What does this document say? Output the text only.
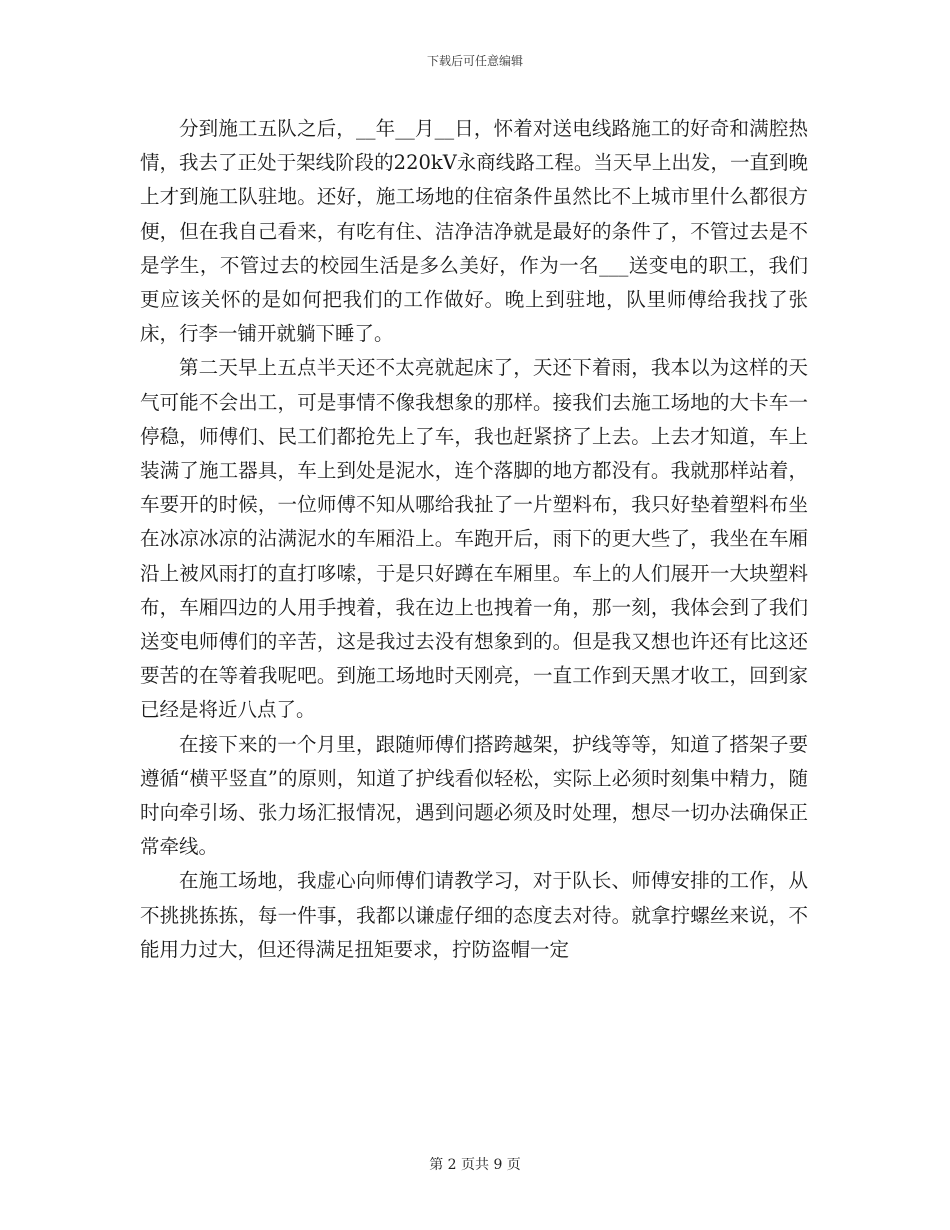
下载后可任意编辑

分到施工五队之后，__年__月__日，怀着对送电线路施工的好奇和满腔热情，我去了正处于架线阶段的220kV永商线路工程。当天早上出发，一直到晚上才到施工队驻地。还好，施工场地的住宿条件虽然比不上城市里什么都很方便，但在我自己看来，有吃有住、洁净洁净就是最好的条件了，不管过去是不是学生，不管过去的校园生活是多么美好，作为一名___送变电的职工，我们更应该关怀的是如何把我们的工作做好。晚上到驻地，队里师傅给我找了张床，行李一铺开就躺下睡了。

第二天早上五点半天还不太亮就起床了，天还下着雨，我本以为这样的天气可能不会出工，可是事情不像我想象的那样。接我们去施工场地的大卡车一停稳，师傅们、民工们都抢先上了车，我也赶紧挤了上去。上去才知道，车上装满了施工器具，车上到处是泥水，连个落脚的地方都没有。我就那样站着，车要开的时候，一位师傅不知从哪给我扯了一片塑料布，我只好垫着塑料布坐在冰凉冰凉的沾满泥水的车厢沿上。车跑开后，雨下的更大些了，我坐在车厢沿上被风雨打的直打哆嗦，于是只好蹲在车厢里。车上的人们展开一大块塑料布，车厢四边的人用手拽着，我在边上也拽着一角，那一刻，我体会到了我们送变电师傅们的辛苦，这是我过去没有想象到的。但是我又想也许还有比这还要苦的在等着我呢吧。到施工场地时天刚亮，一直工作到天黑才收工，回到家已经是将近八点了。

在接下来的一个月里，跟随师傅们搭跨越架，护线等等，知道了搭架子要遵循“横平竖直”的原则，知道了护线看似轻松，实际上必须时刻集中精力，随时向牵引场、张力场汇报情况，遇到问题必须及时处理，想尽一切办法确保正常牵线。

在施工场地，我虚心向师傅们请教学习，对于队长、师傅安排的工作，从不挑挑拣拣，每一件事，我都以谦虚仔细的态度去对待。就拿拧螺丝来说，不能用力过大，但还得满足扭矩要求，拧防盗帽一定

第 2 页共 9 页
